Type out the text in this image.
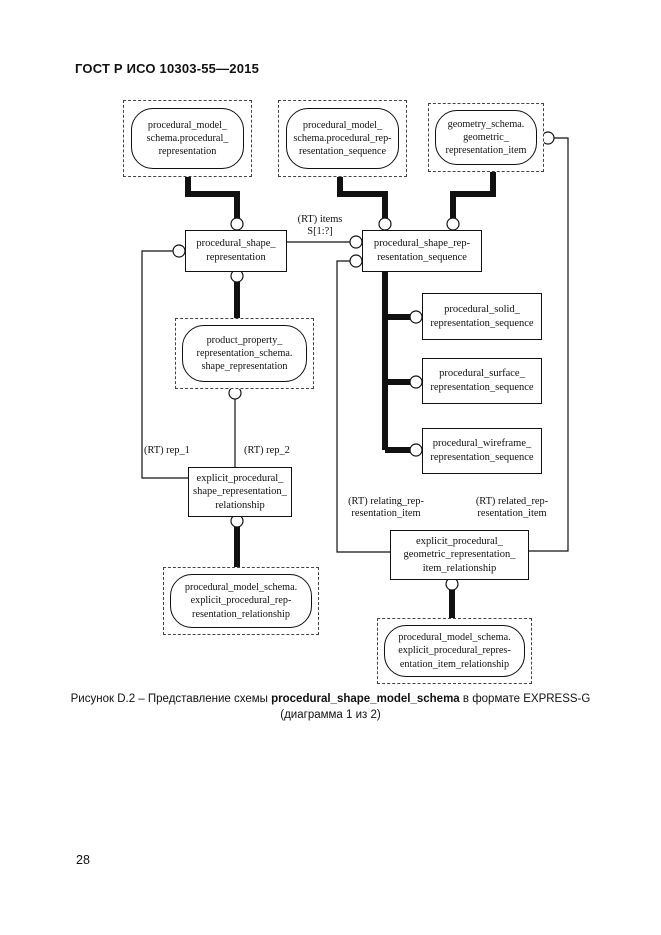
ГОСТ Р ИСО 10303-55—2015
procedural_model_
schema.procedural_
representation
procedural_model_
schema.procedural_rep-
resentation_sequence
geometry_schema.
geometric_
representation_item
product_property_
representation_schema.
shape_representation
procedural_model_schema.
explicit_procedural_rep-
resentation_relationship
procedural_model_schema.
explicit_procedural_repres-
entation_item_relationship
procedural_shape_
representation
procedural_shape_rep-
resentation_sequence
procedural_solid_
representation_sequence
procedural_surface_
representation_sequence
procedural_wireframe_
representation_sequence
explicit_procedural_
shape_representation_
relationship
explicit_procedural_
geometric_representation_
item_relationship
(RT) items
S[1:?]
(RT) rep_1	(RT) rep_2
(RT) relating_rep-
resentation_item
(RT) related_rep-
resentation_item
Рисунок D.2 – Представление схемы procedural_shape_model_schema в формате EXPRESS-G
(диаграмма 1 из 2)
28
